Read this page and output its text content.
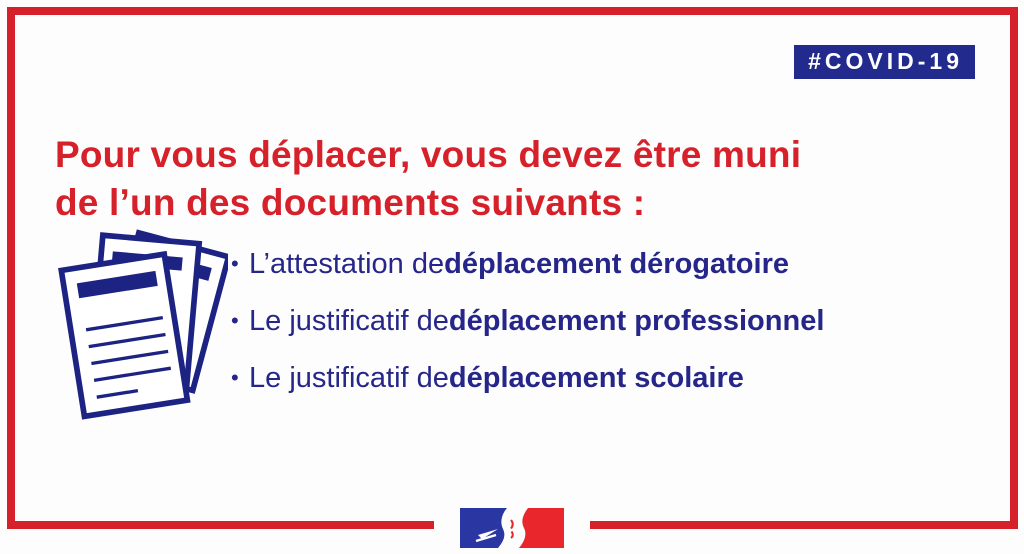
#COVID-19
Pour vous déplacer, vous devez être muni
de l’un des documents suivants :
• L’attestation de déplacement dérogatoire
• Le justificatif de déplacement professionnel
• Le justificatif de déplacement scolaire
